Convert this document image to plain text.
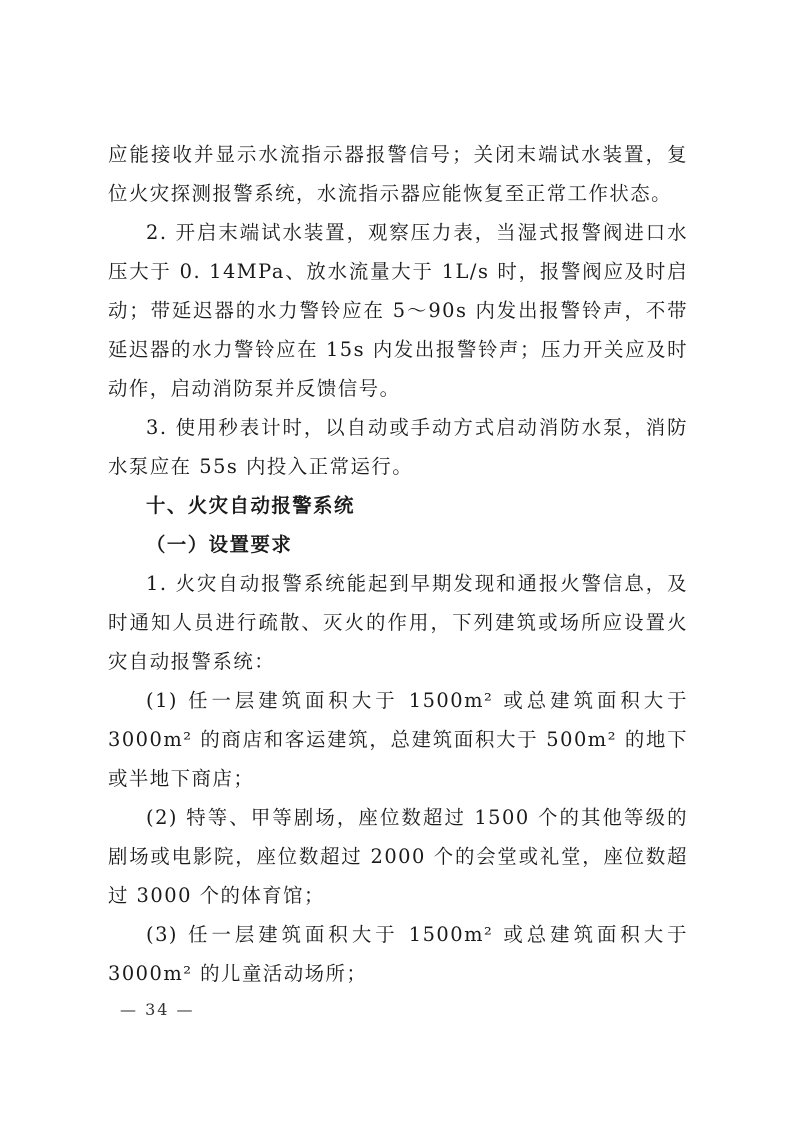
应能接收并显示水流指示器报警信号；关闭末端试水装置，复位火灾探测报警系统，水流指示器应能恢复至正常工作状态。

2. 开启末端试水装置，观察压力表，当湿式报警阀进口水压大于 0. 14MPa、放水流量大于 1L/s 时，报警阀应及时启动；带延迟器的水力警铃应在 5～90s 内发出报警铃声，不带延迟器的水力警铃应在 15s 内发出报警铃声；压力开关应及时动作，启动消防泵并反馈信号。

3. 使用秒表计时，以自动或手动方式启动消防水泵，消防水泵应在 55s 内投入正常运行。

十、火灾自动报警系统
（一）设置要求

1. 火灾自动报警系统能起到早期发现和通报火警信息，及时通知人员进行疏散、灭火的作用，下列建筑或场所应设置火灾自动报警系统：

(1) 任一层建筑面积大于 1500m² 或总建筑面积大于 3000m² 的商店和客运建筑，总建筑面积大于 500m² 的地下或半地下商店；

(2) 特等、甲等剧场，座位数超过 1500 个的其他等级的剧场或电影院，座位数超过 2000 个的会堂或礼堂，座位数超过 3000 个的体育馆；

(3) 任一层建筑面积大于 1500m² 或总建筑面积大于 3000m² 的儿童活动场所；

— 34 —
